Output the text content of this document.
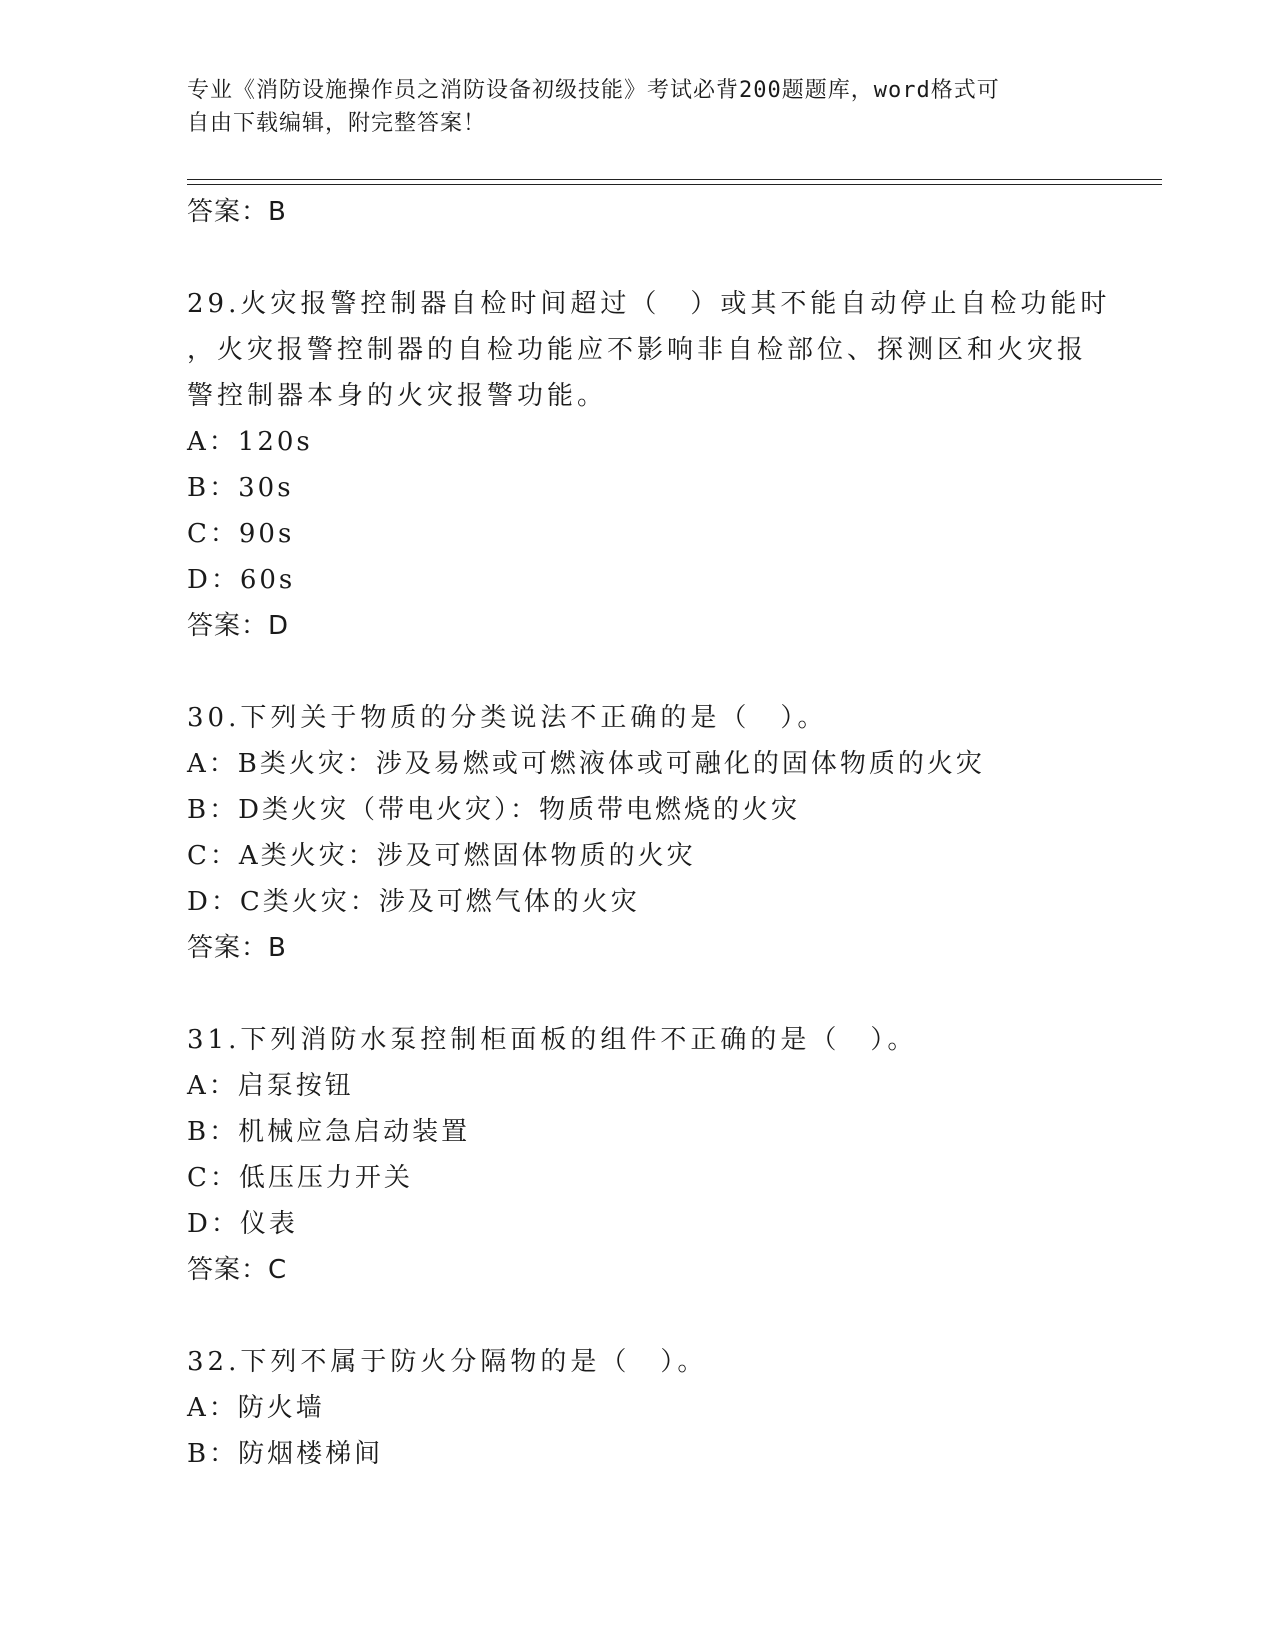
专业《消防设施操作员之消防设备初级技能》考试必背200题题库，word格式可
自由下载编辑，附完整答案！
答案：B
29.火灾报警控制器自检时间超过（　）或其不能自动停止自检功能时
，火灾报警控制器的自检功能应不影响非自检部位、探测区和火灾报
警控制器本身的火灾报警功能。
A：120s
B：30s
C：90s
D：60s
答案：D
30.下列关于物质的分类说法不正确的是（　）。
A：B类火灾：涉及易燃或可燃液体或可融化的固体物质的火灾
B：D类火灾（带电火灾）：物质带电燃烧的火灾
C：A类火灾：涉及可燃固体物质的火灾
D：C类火灾：涉及可燃气体的火灾
答案：B
31.下列消防水泵控制柜面板的组件不正确的是（　）。
A：启泵按钮
B：机械应急启动装置
C：低压压力开关
D：仪表
答案：C
32.下列不属于防火分隔物的是（　）。
A：防火墙
B：防烟楼梯间
